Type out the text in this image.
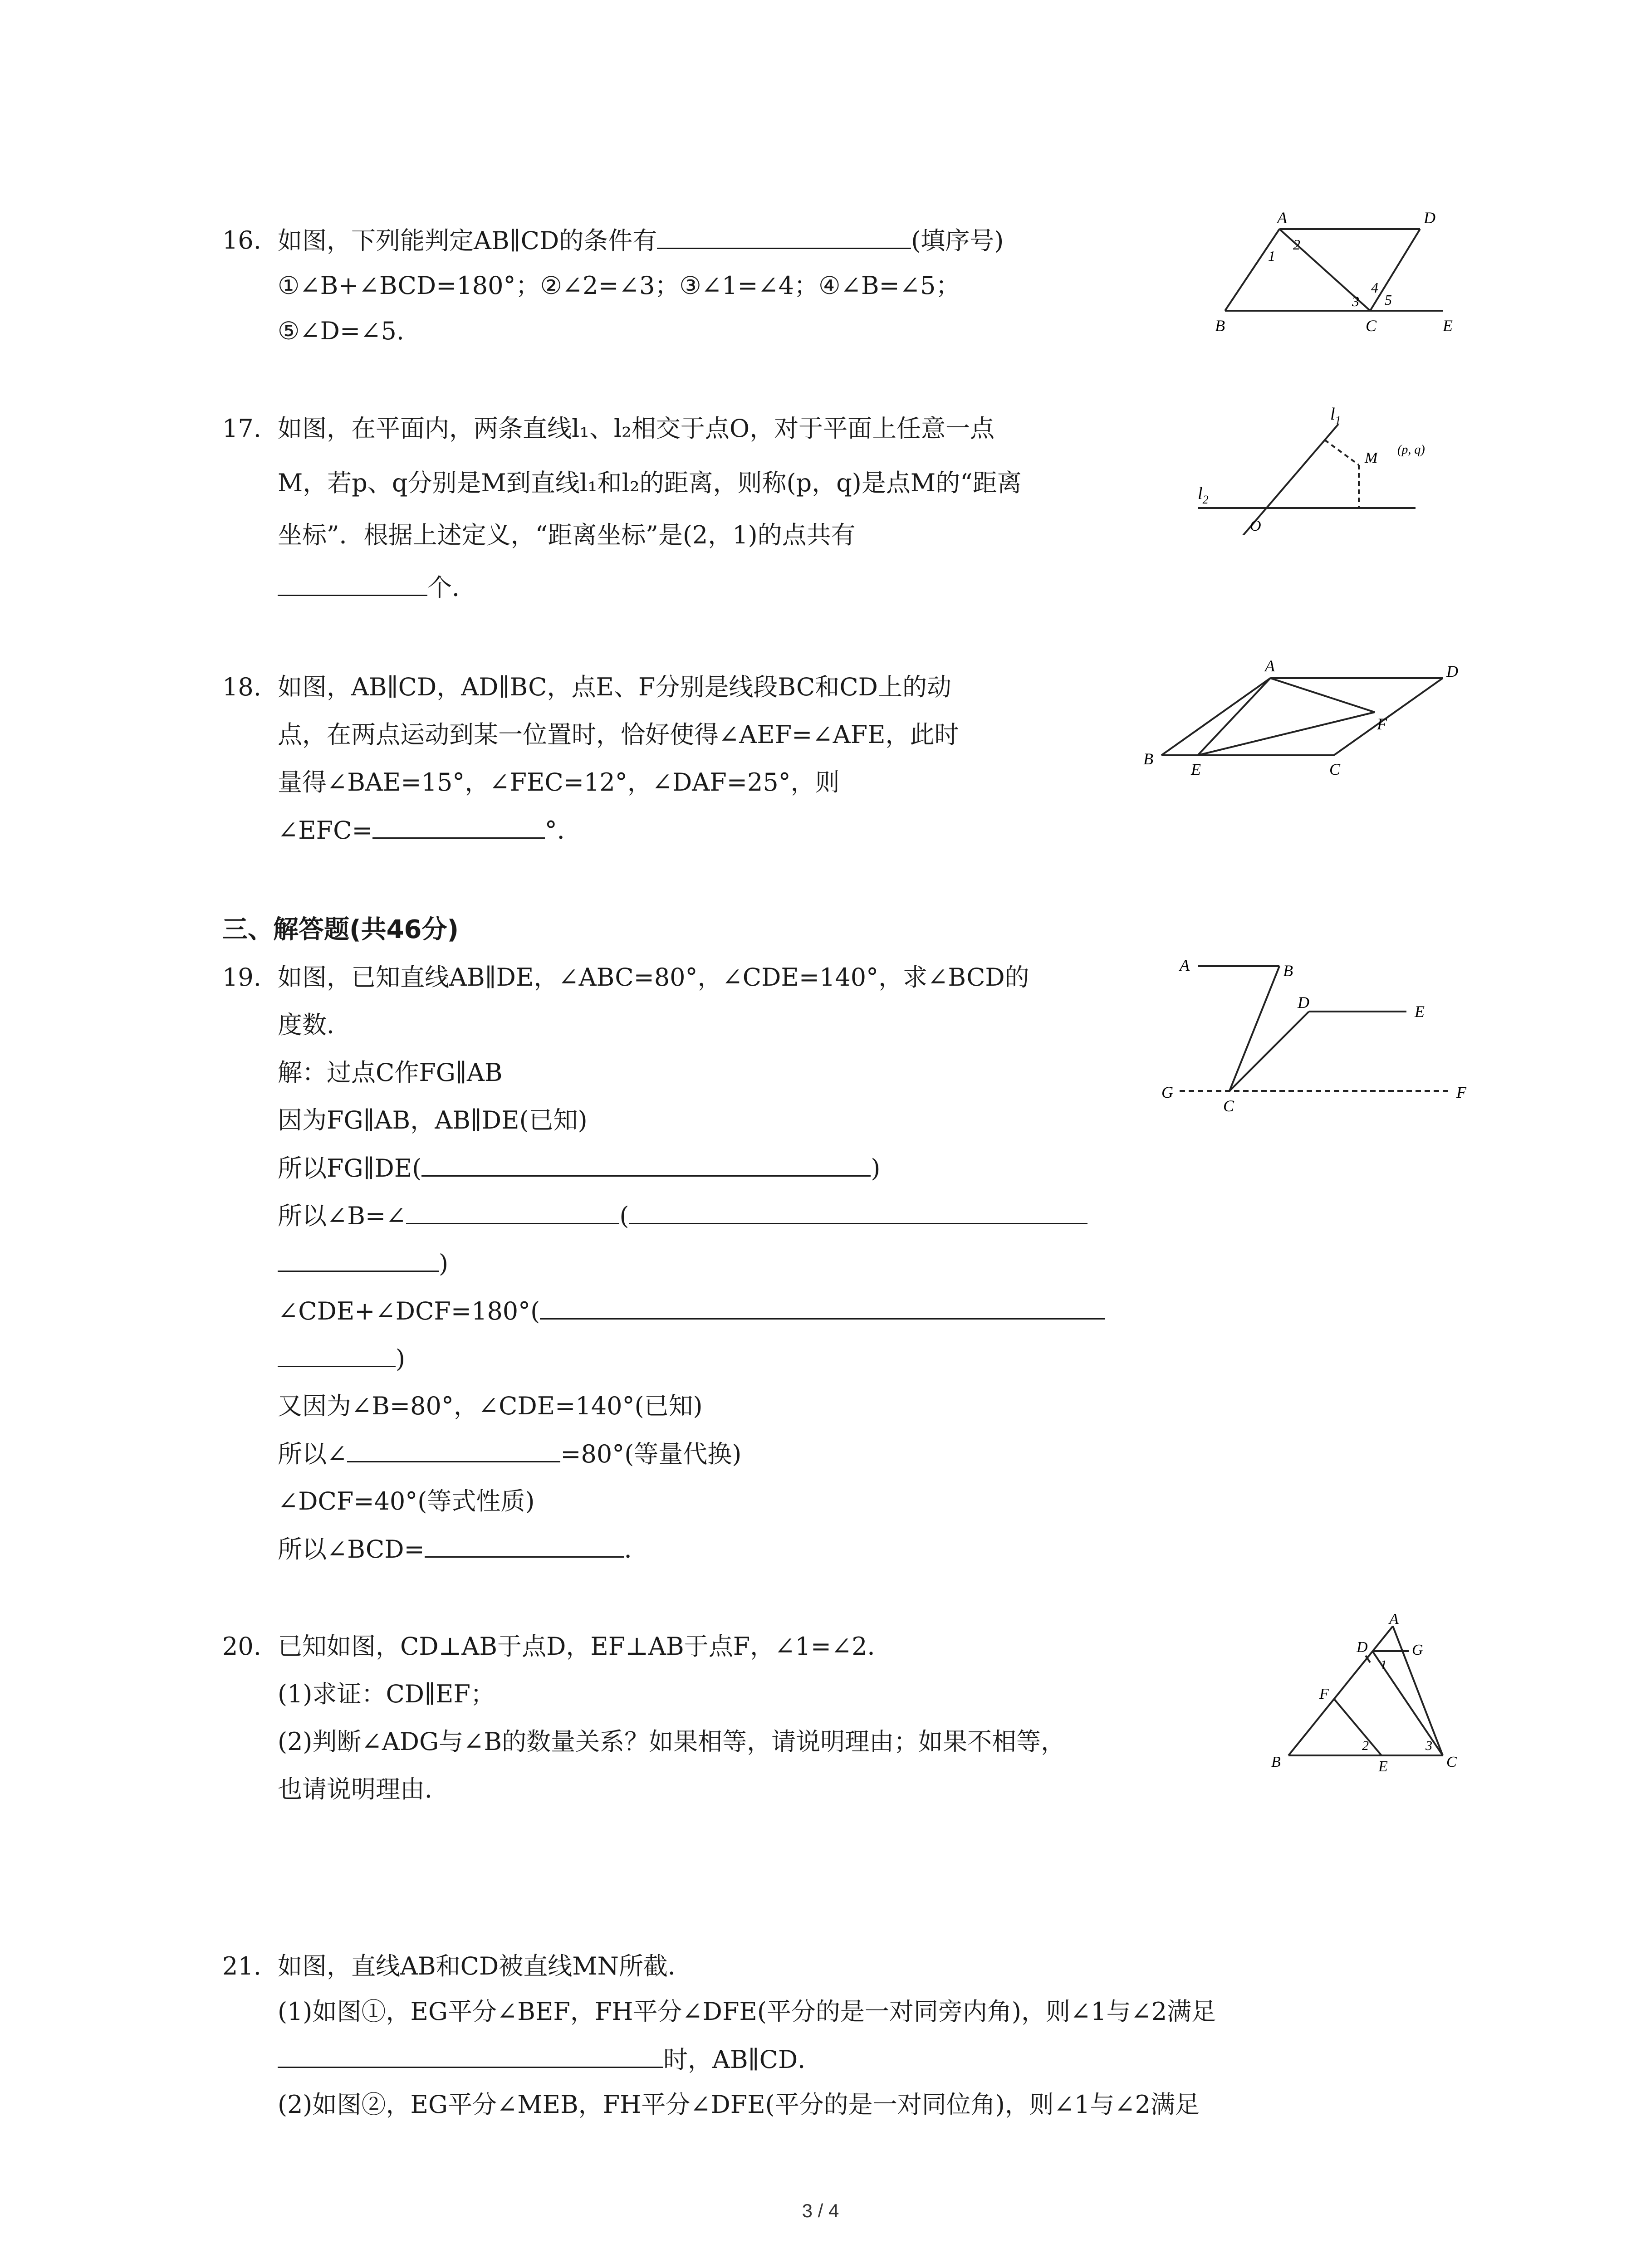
16. 如图，下列能判定AB∥CD的条件有	(填序号)
①∠B+∠BCD=180°；②∠2=∠3；③∠1=∠4；④∠B=∠5；
⑤∠D=∠5.
A	D
B	C	E
1
2
3
4
5
17. 如图，在平面内，两条直线l₁、l₂相交于点O，对于平面上任意一点
M，若p、q分别是M到直线l₁和l₂的距离，则称(p，q)是点M的“距离
坐标”．根据上述定义，“距离坐标”是(2，1)的点共有
个．
$l_1$
$l_2$
M (p, q)
O
18. 如图，AB∥CD，AD∥BC，点E、F分别是线段BC和CD上的动
点，在两点运动到某一位置时，恰好使得∠AEF=∠AFE，此时
量得∠BAE=15°，∠FEC=12°，∠DAF=25°，则
∠EFC=	°．
A	D
F
B
E	C
三、解答题(共46分)
19. 如图，已知直线AB∥DE，∠ABC=80°，∠CDE=140°，求∠BCD的
度数．
解：过点C作FG∥AB
因为FG∥AB，AB∥DE(已知)
所以FG∥DE(	)
所以∠B=∠	(
)
∠CDE+∠DCF=180°(
)
又因为∠B=80°，∠CDE=140°(已知)
所以∠	=80°(等量代换)
∠DCF=40°(等式性质)
所以∠BCD=	．
A	B
D	E
G
C
F
20. 已知如图，CD⊥AB于点D，EF⊥AB于点F，∠1=∠2．
(1)求证：CD∥EF；
(2)判断∠ADG与∠B的数量关系？如果相等，请说明理由；如果不相等，
也请说明理由．
A
D	G
1
F
B
2
E
3
C
21. 如图，直线AB和CD被直线MN所截．
(1)如图①，EG平分∠BEF，FH平分∠DFE(平分的是一对同旁内角)，则∠1与∠2满足
时，AB∥CD．
(2)如图②，EG平分∠MEB，FH平分∠DFE(平分的是一对同位角)，则∠1与∠2满足
3 / 4
